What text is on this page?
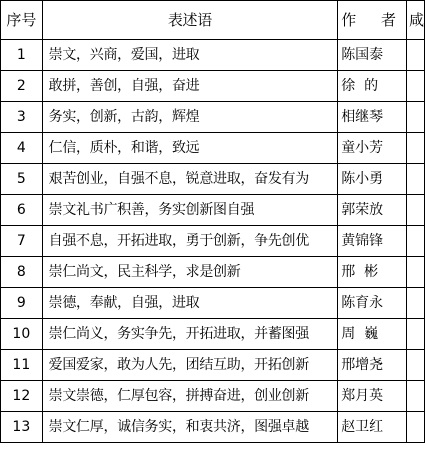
序号	表述语	作 者	咸
1	崇文，兴商，爱国，进取	陈国泰	
2	敢拼，善创，自强，奋进	徐  的	
3	务实，创新，古韵，辉煌	相继琴	
4	仁信，质朴，和谐，致远	童小芳	
5	艰苦创业，自强不息，锐意进取，奋发有为	陈小勇	
6	崇文礼书广积善，务实创新图自强	郭荣放	
7	自强不息，开拓进取，勇于创新，争先创优	黄锦锋	
8	崇仁尚文，民主科学，求是创新	邢  彬	
9	崇德，奉献，自强，进取	陈育永	
10	崇仁尚义，务实争先，开拓进取，并蓄图强	周  巍	
11	爱国爱家，敢为人先，团结互助，开拓创新	邢增尧	
12	崇文崇德，仁厚包容，拼搏奋进，创业创新	郑月英	
13	崇文仁厚，诚信务实，和衷共济，图强卓越	赵卫红	
